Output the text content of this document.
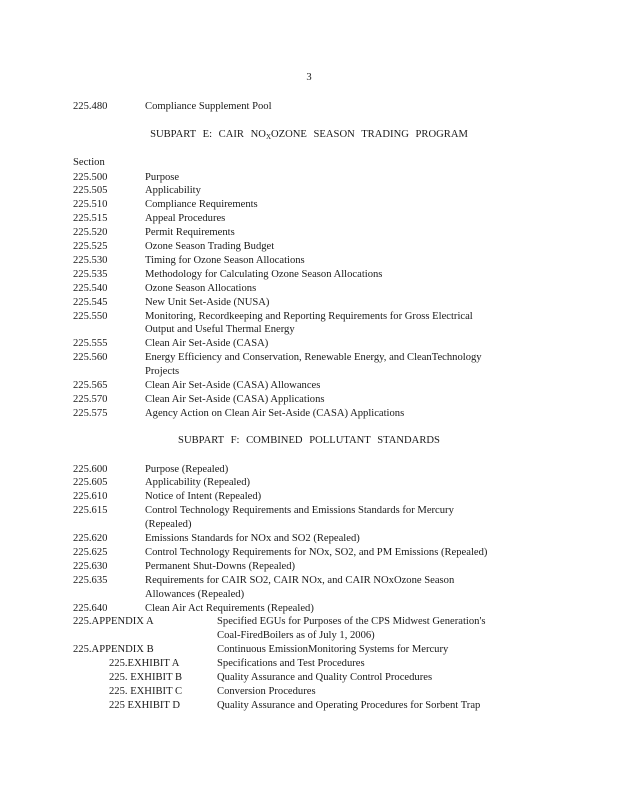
3
225.480	Compliance Supplement Pool
SUBPART E: CAIR $NO_XOZONE$ SEASON TRADING PROGRAM
Section
225.500	Purpose
225.505	Applicability
225.510	Compliance Requirements
225.515	Appeal Procedures
225.520	Permit Requirements
225.525	Ozone Season Trading Budget
225.530	Timing for Ozone Season Allocations
225.535	Methodology for Calculating Ozone Season Allocations
225.540	Ozone Season Allocations
225.545	New Unit Set-Aside (NUSA)
225.550	Monitoring, Recordkeeping and Reporting Requirements for Gross Electrical
Output and Useful Thermal Energy
225.555	Clean Air Set-Aside (CASA)
225.560	Energy Efficiency and Conservation, Renewable Energy, and CleanTechnology
Projects
225.565	Clean Air Set-Aside (CASA) Allowances
225.570	Clean Air Set-Aside (CASA) Applications
225.575	Agency Action on Clean Air Set-Aside (CASA) Applications
SUBPART F: COMBINED POLLUTANT STANDARDS
225.600	Purpose (Repealed)
225.605	Applicability (Repealed)
225.610	Notice of Intent (Repealed)
225.615	Control Technology Requirements and Emissions Standards for Mercury
(Repealed)
225.620	Emissions Standards for NOx and SO2 (Repealed)
225.625	Control Technology Requirements for NOx, SO2, and PM Emissions (Repealed)
225.630	Permanent Shut-Downs (Repealed)
225.635	Requirements for CAIR SO2, CAIR NOx, and CAIR NOxOzone Season
Allowances (Repealed)
225.640	Clean Air Act Requirements (Repealed)
225.APPENDIX A	Specified EGUs for Purposes of the CPS Midwest Generation's
Coal-FiredBoilers as of July 1, 2006)
225.APPENDIX B	Continuous EmissionMonitoring Systems for Mercury
225.EXHIBIT A	Specifications and Test Procedures
225. EXHIBIT B	Quality Assurance and Quality Control Procedures
225. EXHIBIT C	Conversion Procedures
225 EXHIBIT D	Quality Assurance and Operating Procedures for Sorbent Trap
